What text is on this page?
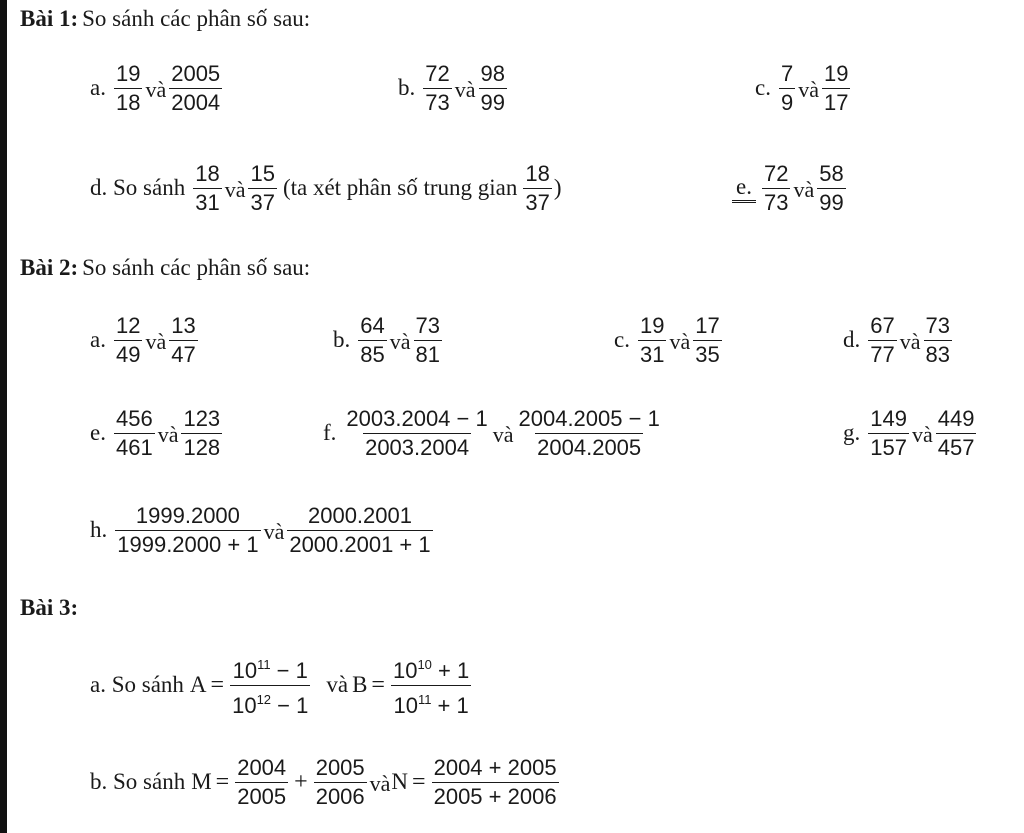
Bài 1: So sánh các phân số sau:
a. $\frac{19}{18}$ và $\frac{2005}{2004}$	b. $\frac{72}{73}$ và $\frac{98}{99}$	c. $\frac{7}{9}$ và $\frac{19}{17}$
d. So sánh $\frac{18}{31}$ và $\frac{15}{37} (ta$ xét phân số trung gian $\frac{18}{37}$ )	e. $\frac{72}{73}$ và $\frac{58}{99}$
Bài 2: So sánh các phân số sau:
a. $\frac{12}{49}$ và $\frac{13}{47}$	b. $\frac{64}{85}$ và $\frac{73}{81}$	c. $\frac{19}{31}$ và $\frac{17}{35}$	d. $\frac{67}{77}$ và $\frac{73}{83}$
e. $\frac{456}{461}$ và $\frac{123}{128}$	f. $\frac{2003.2004 - 1}{2003.2004}$ và $\frac{2004.2005 - 1}{2004.2005}$	g. $\frac{149}{157}$ và $\frac{449}{457}$
h. $\frac{1999.2000}{1999.2000 + 1}$ và $\frac{2000.2001}{2000.2001 + 1}$
Bài 3:
a. So sánh $A = \frac{10^{11} - 1}{10^{12} - 1}$ và $B = \frac{10^{10} + 1}{10^{11} + 1}$
b. So sánh $M = \frac{2004}{2005} + \frac{2005}{2006}$ và $N = \frac{2004 + 2005}{2005 + 2006}$
